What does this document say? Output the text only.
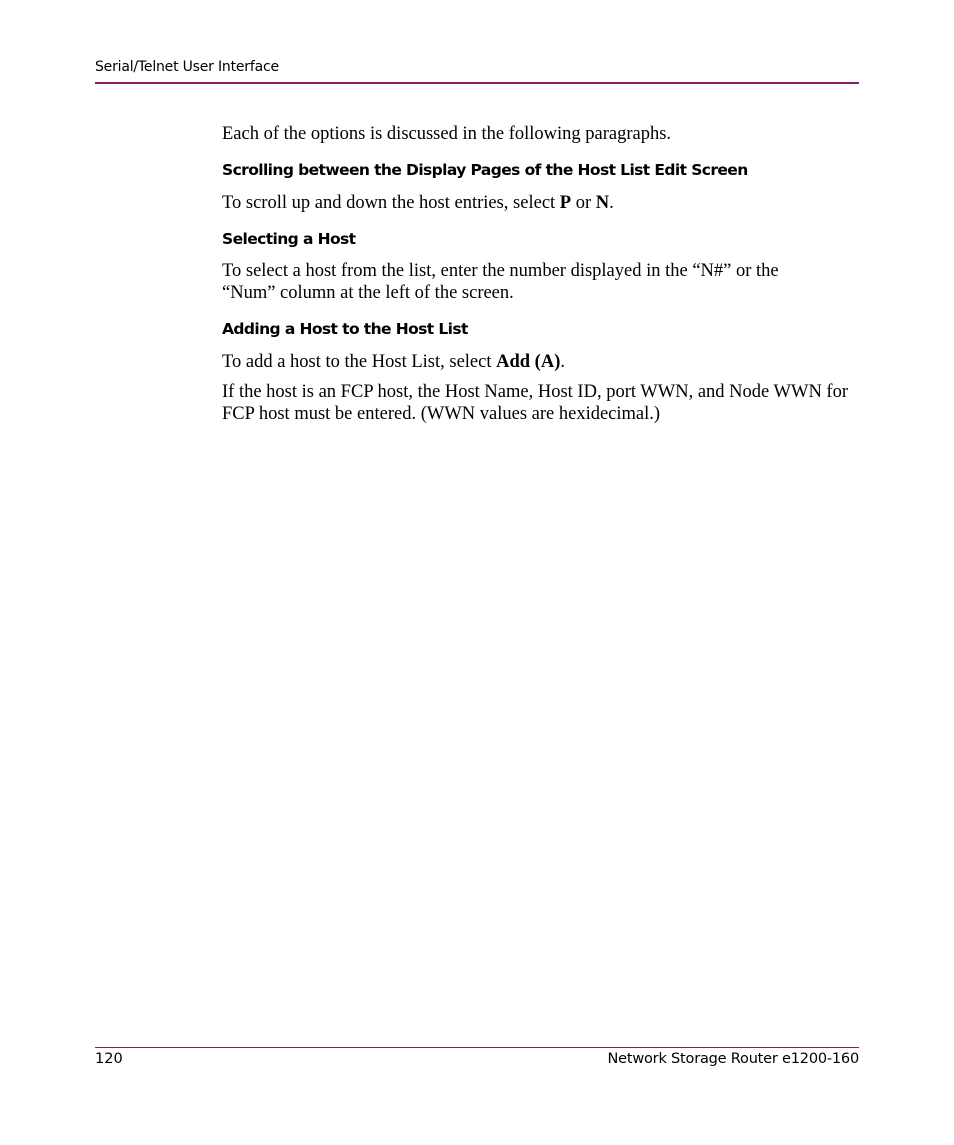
Serial/Telnet User Interface
Each of the options is discussed in the following paragraphs.
Scrolling between the Display Pages of the Host List Edit Screen
To scroll up and down the host entries, select P or N.
Selecting a Host
To select a host from the list, enter the number displayed in the “N#” or the “Num” column at the left of the screen.
Adding a Host to the Host List
To add a host to the Host List, select Add (A).
If the host is an FCP host, the Host Name, Host ID, port WWN, and Node WWN for FCP host must be entered. (WWN values are hexidecimal.)
120	Network Storage Router e1200-160
